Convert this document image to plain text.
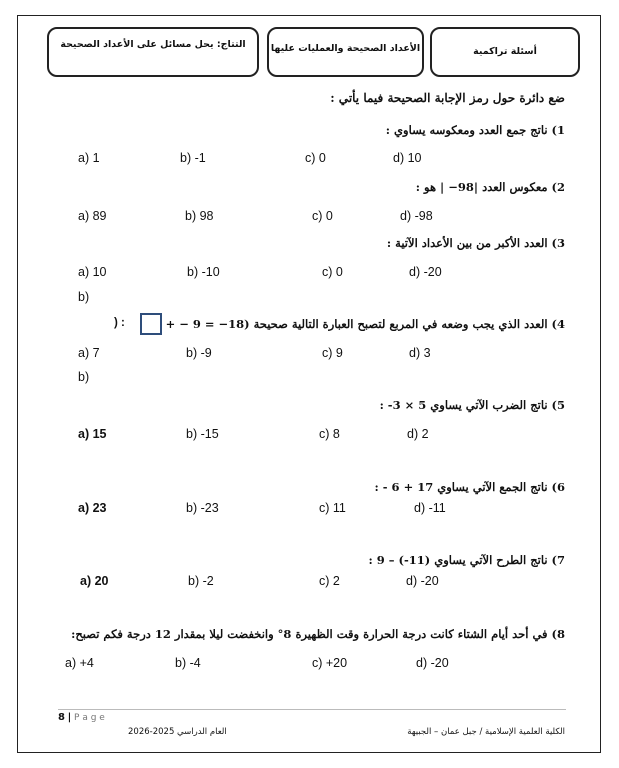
التتاج: يحل مسائل على الأعداد الصحيحة	الأعداد الصحيحة والعمليات عليها	أسئلة تراكمية
ضع دائرة حول رمز الإجابة الصحيحة فيما يأتي :
1) ناتج جمع العدد ومعكوسه يساوي :
a) 1	b) -1	c) 0	d) 10
2) معكوس العدد |98− | هو :
a) 89	b) 98	c) 0	d) -98
3) العدد الأكبر من بين الأعداد الآتية :
a) 10	b) -10	c) 0	d) -20
b)
4) العدد الذي يجب وضعه في المربع لتصبح العبارة التالية صحيحة (18− = 9 − +
) :
a) 7	b) -9	c) 9	d) 3
b)
5) ناتج الضرب الآتي يساوي 5 × 3- :
a) 15	b) -15	c) 8	d) 2
6) ناتج الجمع الآتي يساوي 17 + 6 - :
a) 23	b) -23	c) 11	d) -11
7) ناتج الطرح الآتي يساوي (11-) – 9 :
a) 20	b) -2	c) 2	d) -20
8) في أحد أيام الشتاء كانت درجة الحرارة وقت الظهيرة 8° وانخفضت ليلا بمقدار 12 درجة فكم تصبح:
a) +4	b) -4	c) +20	d) -20
8 | P a g e
العام الدراسي 2025-2026	الكلية العلمية الإسلامية / جبل عمان – الجبيهة
